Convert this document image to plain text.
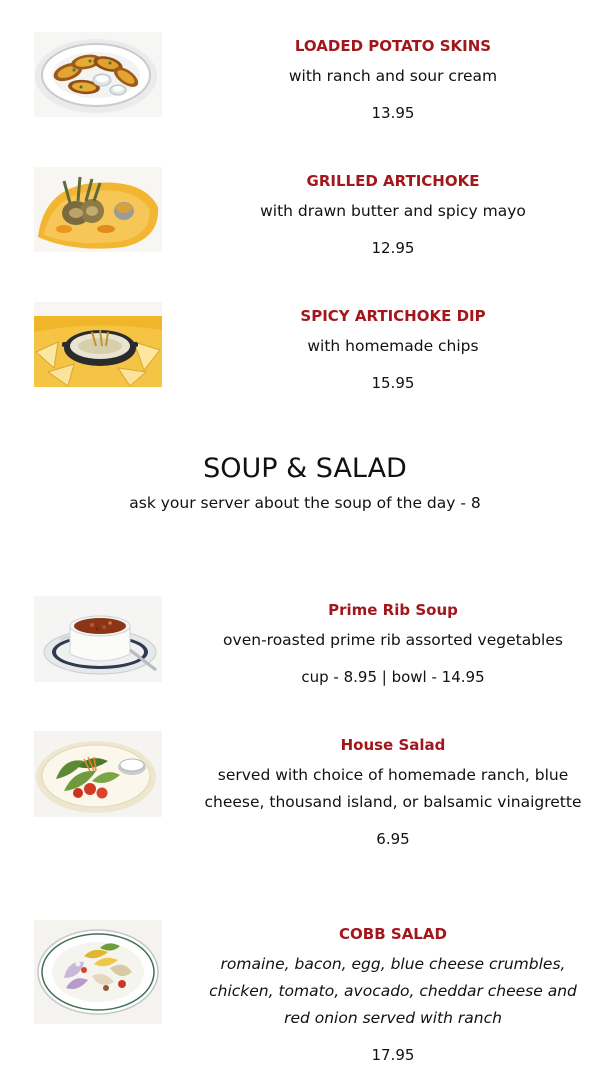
LOADED POTATO SKINS
with ranch and sour cream
13.95
GRILLED ARTICHOKE
with drawn butter and spicy mayo
12.95
SPICY ARTICHOKE DIP
with homemade chips
15.95
SOUP & SALAD
ask your server about the soup of the day - 8
Prime Rib Soup
oven-roasted prime rib assorted vegetables
cup - 8.95 | bowl - 14.95
House Salad
served with choice of homemade ranch, blue cheese, thousand island, or balsamic vinaigrette
6.95
COBB SALAD
romaine, bacon, egg, blue cheese crumbles, chicken, tomato, avocado, cheddar cheese and red onion served with ranch
17.95
